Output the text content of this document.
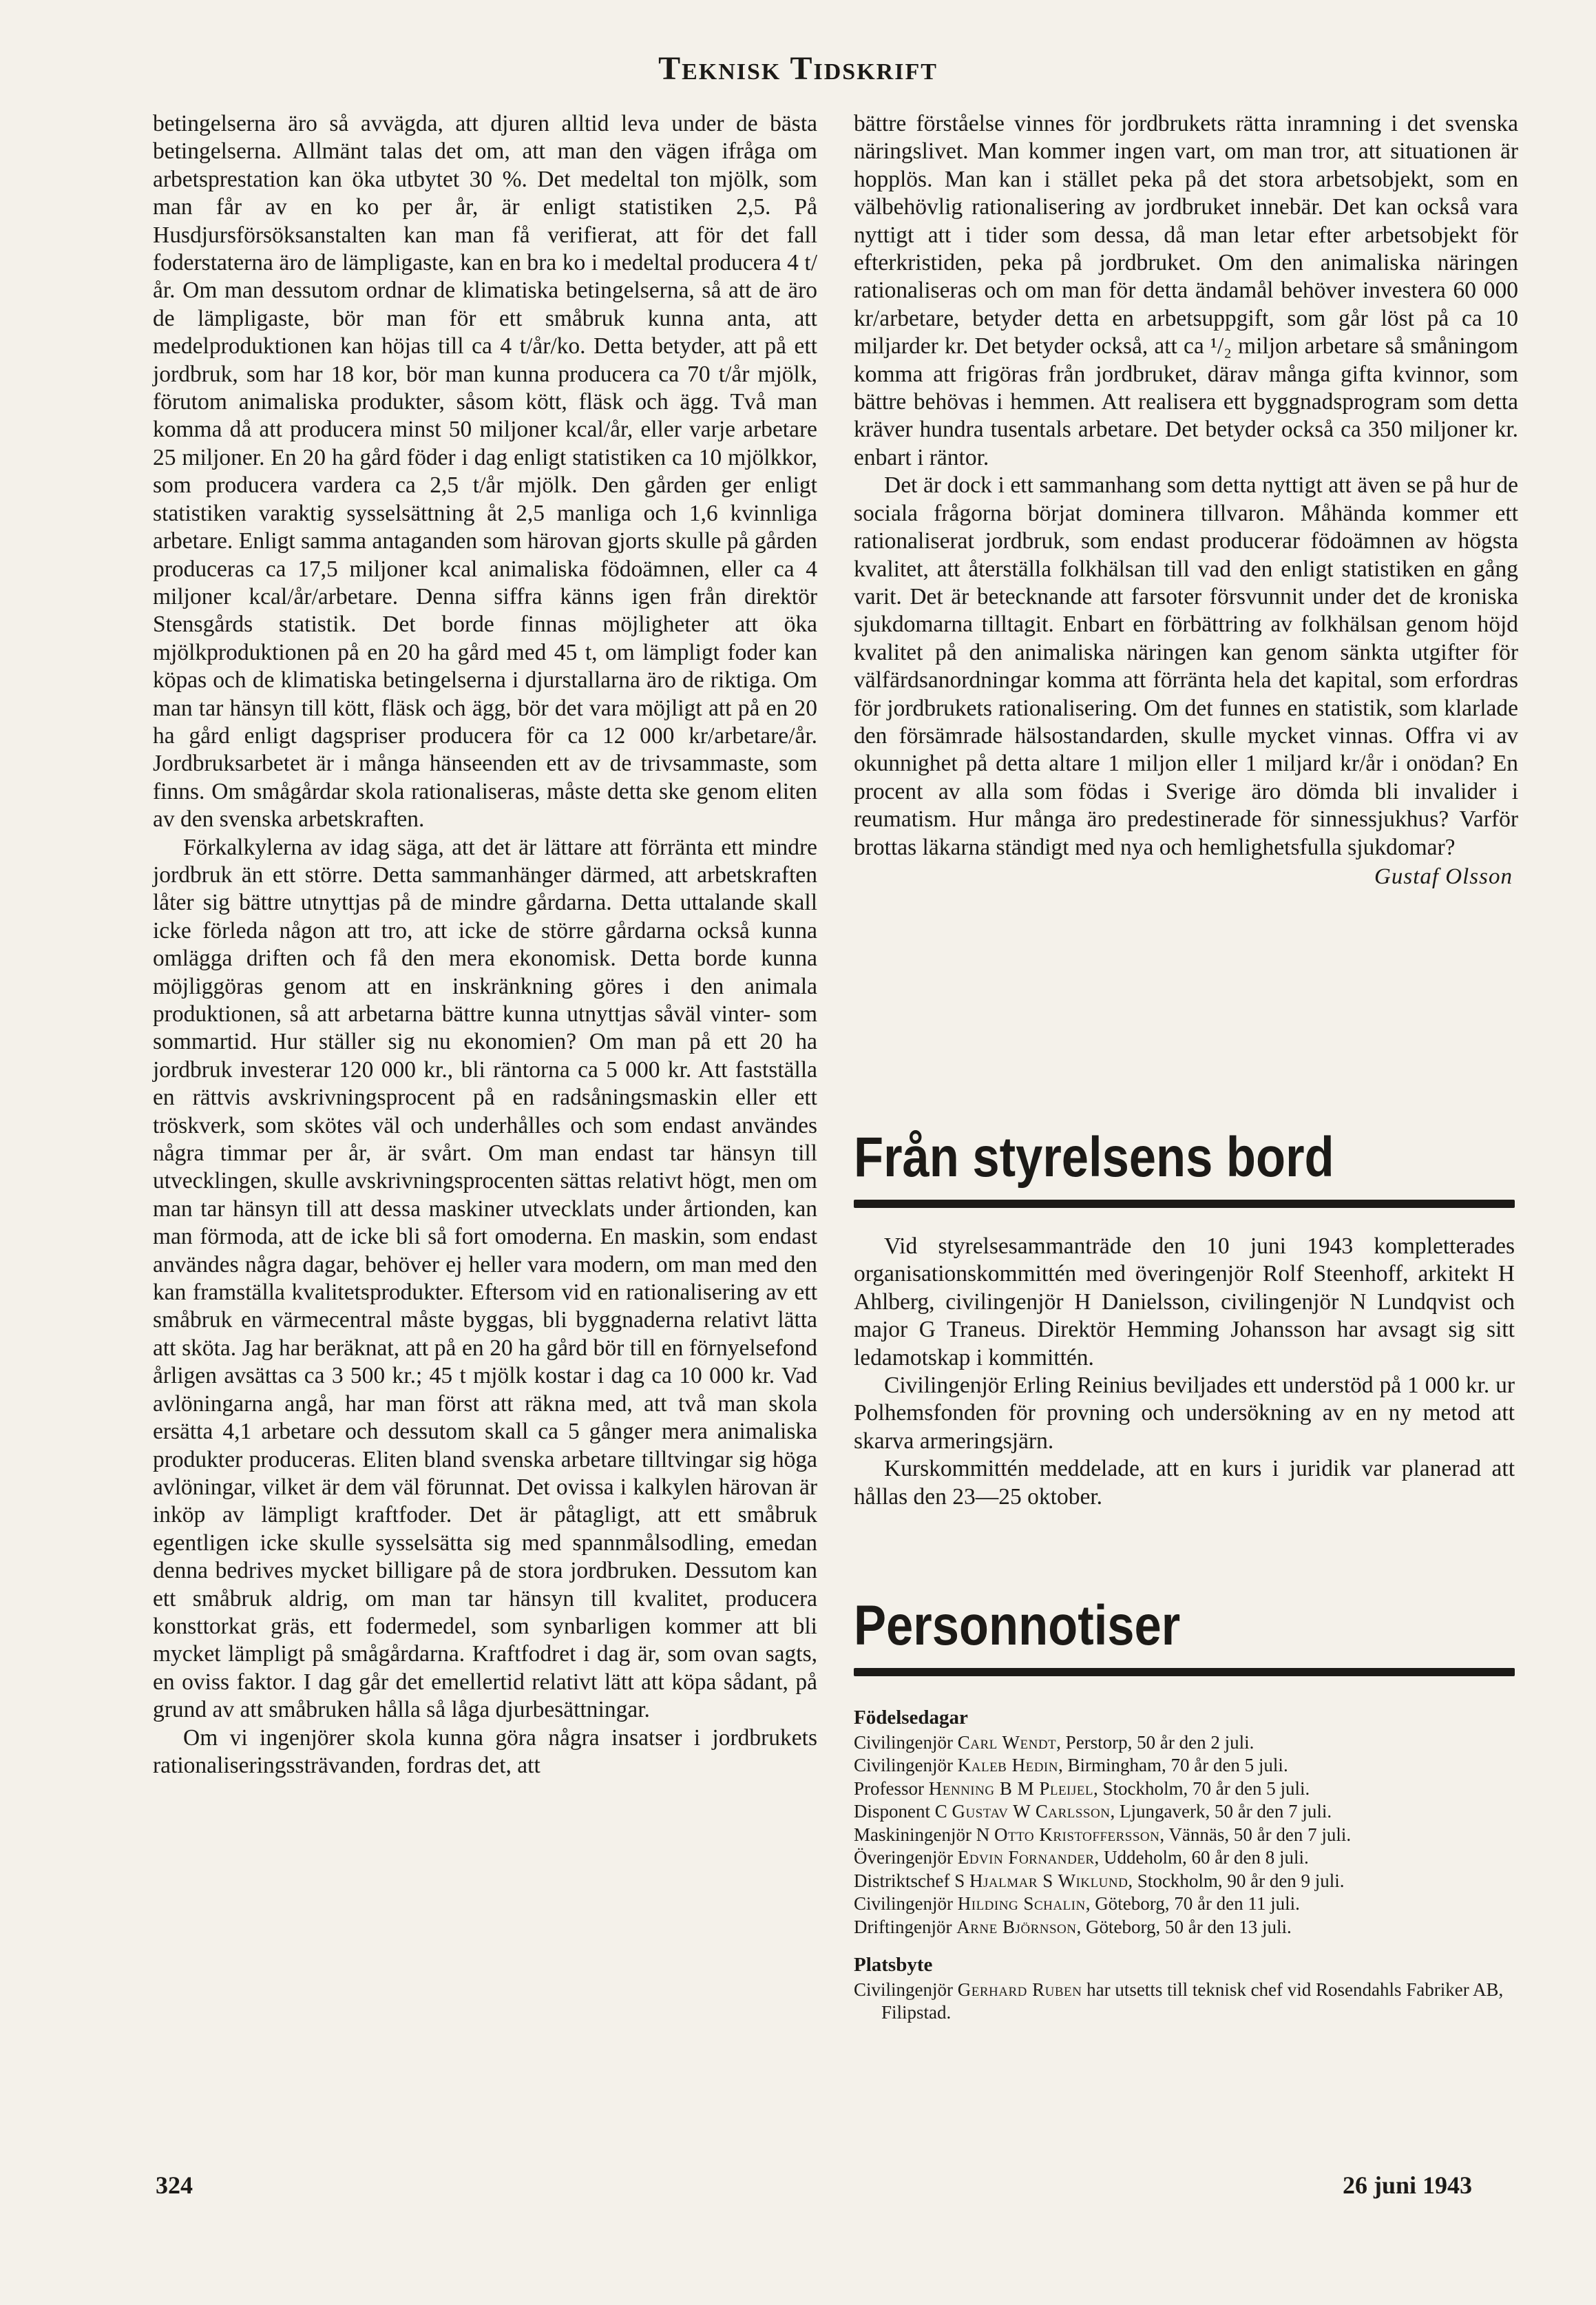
Teknisk Tidskrift

betingelserna äro så avvägda, att djuren alltid leva under de bästa betingelserna. Allmänt talas det om, att man den vägen ifråga om arbetsprestation kan öka utbytet 30 %. Det medeltal ton mjölk, som man får av en ko per år, är enligt statistiken 2,5. På Husdjursförsöksanstalten kan man få verifierat, att för det fall foderstaterna äro de lämpligaste, kan en bra ko i medeltal producera 4 t/år. Om man dessutom ordnar de klimatiska betingelserna, så att de äro de lämpligaste, bör man för ett småbruk kunna anta, att medelproduktionen kan höjas till ca 4 t/år/ko. Detta betyder, att på ett jordbruk, som har 18 kor, bör man kunna producera ca 70 t/år mjölk, förutom animaliska produkter, såsom kött, fläsk och ägg. Två man komma då att producera minst 50 miljoner kcal/år, eller varje arbetare 25 miljoner. En 20 ha gård föder i dag enligt statistiken ca 10 mjölkkor, som producera vardera ca 2,5 t/år mjölk. Den gården ger enligt statistiken varaktig sysselsättning åt 2,5 manliga och 1,6 kvinnliga arbetare. Enligt samma antaganden som härovan gjorts skulle på gården produceras ca 17,5 miljoner kcal animaliska födoämnen, eller ca 4 miljoner kcal/år/arbetare. Denna siffra känns igen från direktör Stensgårds statistik. Det borde finnas möjligheter att öka mjölkproduktionen på en 20 ha gård med 45 t, om lämpligt foder kan köpas och de klimatiska betingelserna i djurstallarna äro de riktiga. Om man tar hänsyn till kött, fläsk och ägg, bör det vara möjligt att på en 20 ha gård enligt dagspriser producera för ca 12 000 kr/arbetare/år. Jordbruksarbetet är i många hänseenden ett av de trivsammaste, som finns. Om smågårdar skola rationaliseras, måste detta ske genom eliten av den svenska arbetskraften.

Förkalkylerna av idag säga, att det är lättare att förränta ett mindre jordbruk än ett större. Detta sammanhänger därmed, att arbetskraften låter sig bättre utnyttjas på de mindre gårdarna. Detta uttalande skall icke förleda någon att tro, att icke de större gårdarna också kunna omlägga driften och få den mera ekonomisk. Detta borde kunna möjliggöras genom att en inskränkning göres i den animala produktionen, så att arbetarna bättre kunna utnyttjas såväl vinter- som sommartid. Hur ställer sig nu ekonomien? Om man på ett 20 ha jordbruk investerar 120 000 kr., bli räntorna ca 5 000 kr. Att fastställa en rättvis avskrivningsprocent på en radsåningsmaskin eller ett tröskverk, som skötes väl och underhålles och som endast användes några timmar per år, är svårt. Om man endast tar hänsyn till utvecklingen, skulle avskrivningsprocenten sättas relativt högt, men om man tar hänsyn till att dessa maskiner utvecklats under årtionden, kan man förmoda, att de icke bli så fort omoderna. En maskin, som endast användes några dagar, behöver ej heller vara modern, om man med den kan framställa kvalitetsprodukter. Eftersom vid en rationalisering av ett småbruk en värmecentral måste byggas, bli byggnaderna relativt lätta att sköta. Jag har beräknat, att på en 20 ha gård bör till en förnyelsefond årligen avsättas ca 3 500 kr.; 45 t mjölk kostar i dag ca 10 000 kr. Vad avlöningarna angå, har man först att räkna med, att två man skola ersätta 4,1 arbetare och dessutom skall ca 5 gånger mera animaliska produkter produceras. Eliten bland svenska arbetare tilltvingar sig höga avlöningar, vilket är dem väl förunnat. Det ovissa i kalkylen härovan är inköp av lämpligt kraftfoder. Det är påtagligt, att ett småbruk egentligen icke skulle sysselsätta sig med spannmålsodling, emedan denna bedrives mycket billigare på de stora jordbruken. Dessutom kan ett småbruk aldrig, om man tar hänsyn till kvalitet, producera konsttorkat gräs, ett fodermedel, som synbarligen kommer att bli mycket lämpligt på smågårdarna. Kraftfodret i dag är, som ovan sagts, en oviss faktor. I dag går det emellertid relativt lätt att köpa sådant, på grund av att småbruken hålla så låga djurbesättningar.

Om vi ingenjörer skola kunna göra några insatser i jordbrukets rationaliseringssträvanden, fordras det, att

bättre förståelse vinnes för jordbrukets rätta inramning i det svenska näringslivet. Man kommer ingen vart, om man tror, att situationen är hopplös. Man kan i stället peka på det stora arbetsobjekt, som en välbehövlig rationalisering av jordbruket innebär. Det kan också vara nyttigt att i tider som dessa, då man letar efter arbetsobjekt för efterkristiden, peka på jordbruket. Om den animaliska näringen rationaliseras och om man för detta ändamål behöver investera 60 000 kr/arbetare, betyder detta en arbetsuppgift, som går löst på ca 10 miljarder kr. Det betyder också, att ca ¹/₂ miljon arbetare så småningom komma att frigöras från jordbruket, därav många gifta kvinnor, som bättre behövas i hemmen. Att realisera ett byggnadsprogram som detta kräver hundra tusentals arbetare. Det betyder också ca 350 miljoner kr. enbart i räntor.

Det är dock i ett sammanhang som detta nyttigt att även se på hur de sociala frågorna börjat dominera tillvaron. Måhända kommer ett rationaliserat jordbruk, som endast producerar födoämnen av högsta kvalitet, att återställa folkhälsan till vad den enligt statistiken en gång varit. Det är betecknande att farsoter försvunnit under det de kroniska sjukdomarna tilltagit. Enbart en förbättring av folkhälsan genom höjd kvalitet på den animaliska näringen kan genom sänkta utgifter för välfärdsanordningar komma att förränta hela det kapital, som erfordras för jordbrukets rationalisering. Om det funnes en statistik, som klarlade den försämrade hälsostandarden, skulle mycket vinnas. Offra vi av okunnighet på detta altare 1 miljon eller 1 miljard kr/år i onödan? En procent av alla som födas i Sverige äro dömda bli invalider i reumatism. Hur många äro predestinerade för sinnessjukhus? Varför brottas läkarna ständigt med nya och hemlighetsfulla sjukdomar?

Gustaf Olsson
Från styrelsens bord

Vid styrelsesammanträde den 10 juni 1943 kompletterades organisationskommittén med överingenjör Rolf Steenhoff, arkitekt H Ahlberg, civilingenjör H Danielsson, civilingenjör N Lundqvist och major G Traneus. Direktör Hemming Johansson har avsagt sig sitt ledamotskap i kommittén.

Civilingenjör Erling Reinius beviljades ett understöd på 1 000 kr. ur Polhemsfonden för provning och undersökning av en ny metod att skarva armeringsjärn.

Kurskommittén meddelade, att en kurs i juridik var planerad att hållas den 23—25 oktober.

Personnotiser
Födelsedagar
Civilingenjör Carl Wendt, Perstorp, 50 år den 2 juli.
Civilingenjör Kaleb Hedin, Birmingham, 70 år den 5 juli.
Professor Henning B M Pleijel, Stockholm, 70 år den 5 juli.
Disponent C Gustav W Carlsson, Ljungaverk, 50 år den 7 juli.
Maskiningenjör N Otto Kristoffersson, Vännäs, 50 år den 7 juli.
Överingenjör Edvin Fornander, Uddeholm, 60 år den 8 juli.
Distriktschef S Hjalmar S Wiklund, Stockholm, 90 år den 9 juli.
Civilingenjör Hilding Schalin, Göteborg, 70 år den 11 juli.
Driftingenjör Arne Björnson, Göteborg, 50 år den 13 juli.
Platsbyte
Civilingenjör Gerhard Ruben har utsetts till teknisk chef vid Rosendahls Fabriker AB, Filipstad.
324	26 juni 1943
